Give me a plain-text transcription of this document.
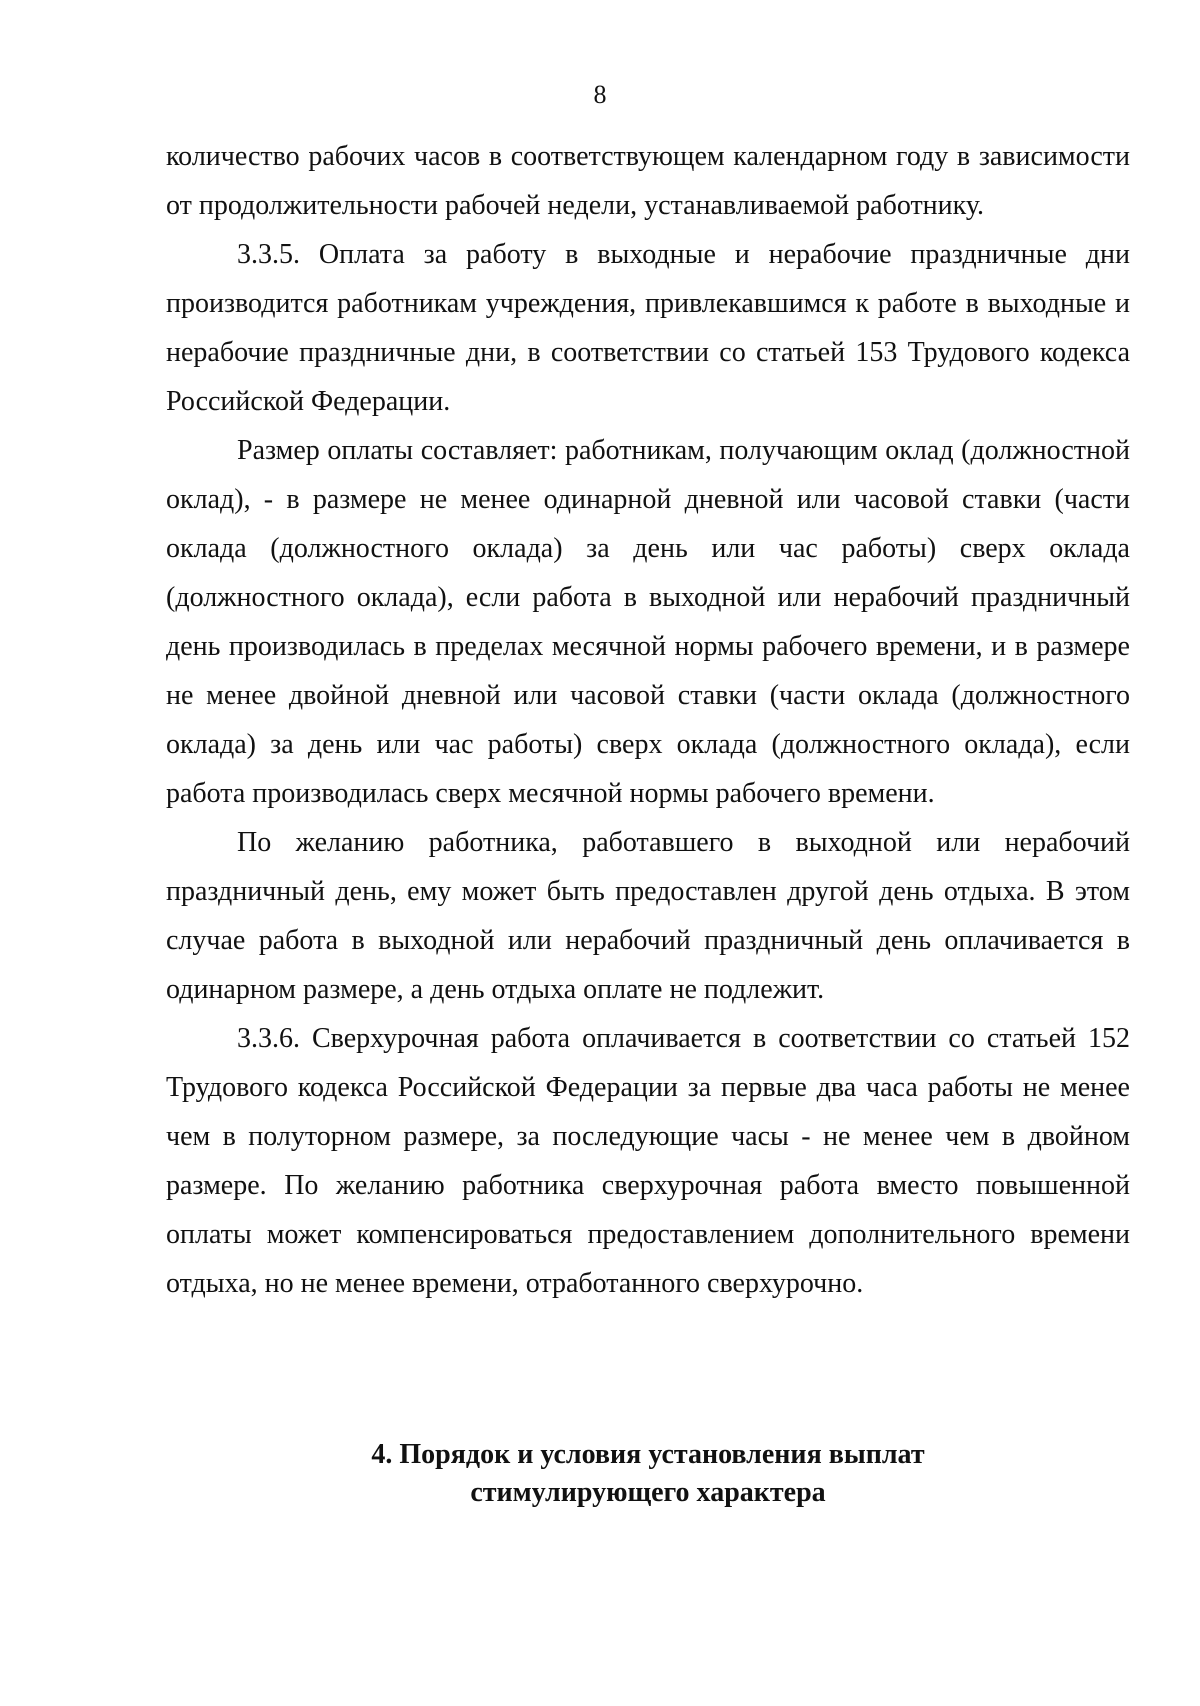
8

количество рабочих часов в соответствующем календарном году в зависимости от продолжительности рабочей недели, устанавливаемой работнику.

3.3.5. Оплата за работу в выходные и нерабочие праздничные дни производится работникам учреждения, привлекавшимся к работе в выходные и нерабочие праздничные дни, в соответствии со статьей 153 Трудового кодекса Российской Федерации.

Размер оплаты составляет: работникам, получающим оклад (должностной оклад), - в размере не менее одинарной дневной или часовой ставки (части оклада (должностного оклада) за день или час работы) сверх оклада (должностного оклада), если работа в выходной или нерабочий праздничный день производилась в пределах месячной нормы рабочего времени, и в размере не менее двойной дневной или часовой ставки (части оклада (должностного оклада) за день или час работы) сверх оклада (должностного оклада), если работа производилась сверх месячной нормы рабочего времени.

По желанию работника, работавшего в выходной или нерабочий праздничный день, ему может быть предоставлен другой день отдыха. В этом случае работа в выходной или нерабочий праздничный день оплачивается в одинарном размере, а день отдыха оплате не подлежит.

3.3.6. Сверхурочная работа оплачивается в соответствии со статьей 152 Трудового кодекса Российской Федерации за первые два часа работы не менее чем в полуторном размере, за последующие часы - не менее чем в двойном размере. По желанию работника сверхурочная работа вместо повышенной оплаты может компенсироваться предоставлением дополнительного времени отдыха, но не менее времени, отработанного сверхурочно.

4. Порядок и условия установления выплат
стимулирующего характера
